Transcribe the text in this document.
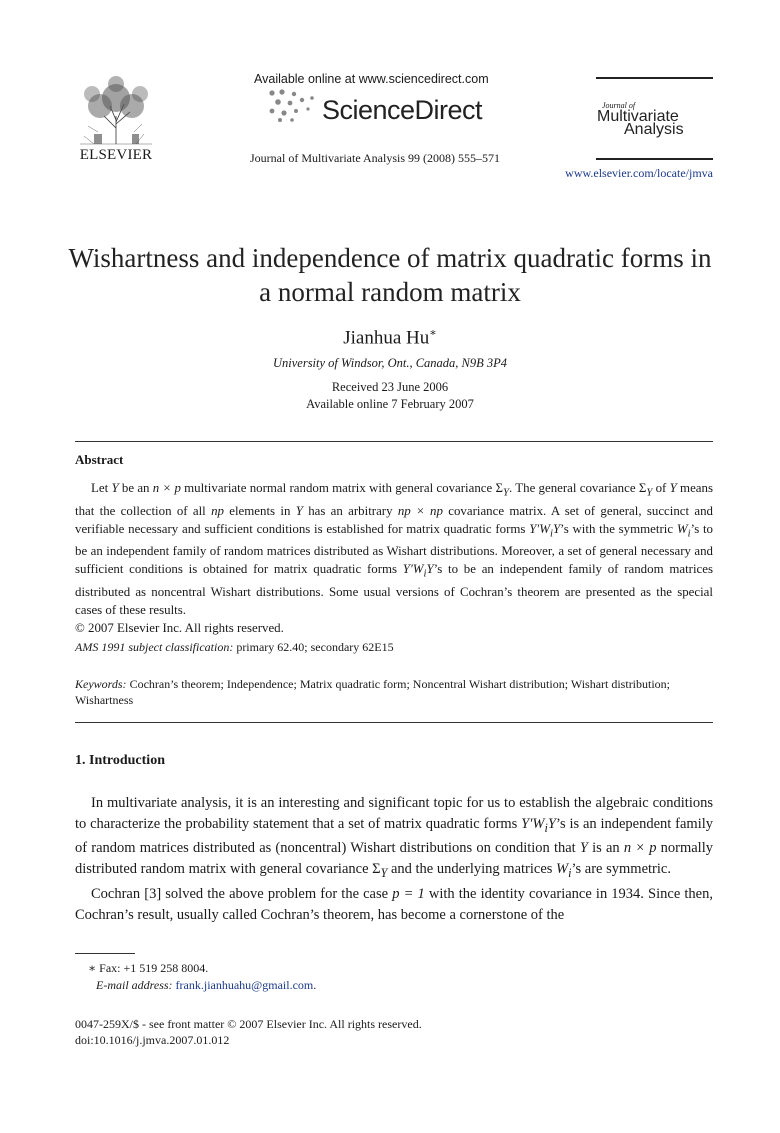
ELSEVIER
Available online at www.sciencedirect.com
ScienceDirect
Journal of Multivariate Analysis 99 (2008) 555–571
Journal of
Multivariate
Analysis
www.elsevier.com/locate/jmva
Wishartness and independence of matrix quadratic forms in a normal random matrix
Jianhua Hu∗
University of Windsor, Ont., Canada, N9B 3P4
Received 23 June 2006
Available online 7 February 2007
Abstract

Let Y be an n × p multivariate normal random matrix with general covariance $\Sigma_Y$. The general covariance $\Sigma_Y$ of Y means that the collection of all np elements in Y has an arbitrary np × np covariance matrix. A set of general, succinct and verifiable necessary and sufficient conditions is established for matrix quadratic forms $Y'W_iY’s$ with the symmetric $W_i’s$ to be an independent family of random matrices distributed as Wishart distributions. Moreover, a set of general necessary and sufficient conditions is obtained for matrix quadratic forms $Y'W_iY’s$ to be an independent family of random matrices distributed as noncentral Wishart distributions. Some usual versions of Cochran’s theorem are presented as the special cases of these results.

© 2007 Elsevier Inc. All rights reserved.
AMS 1991 subject classification: primary 62.40; secondary 62E15
Keywords: Cochran’s theorem; Independence; Matrix quadratic form; Noncentral Wishart distribution; Wishart distribution; Wishartness
1. Introduction

In multivariate analysis, it is an interesting and significant topic for us to establish the algebraic conditions to characterize the probability statement that a set of matrix quadratic forms $Y'W_iY’s$ is an independent family of random matrices distributed as (noncentral) Wishart distributions on condition that Y is an n × p normally distributed random matrix with general covariance $\Sigma_Y$ and the underlying matrices $W_i’s$ are symmetric.

Cochran [3] solved the above problem for the case p = 1 with the identity covariance in 1934. Since then, Cochran’s result, usually called Cochran’s theorem, has become a cornerstone of the

∗ Fax: +1 519 258 8004.
E-mail address: frank.jianhuahu@gmail.com.
0047-259X/$ - see front matter © 2007 Elsevier Inc. All rights reserved.
doi:10.1016/j.jmva.2007.01.012
